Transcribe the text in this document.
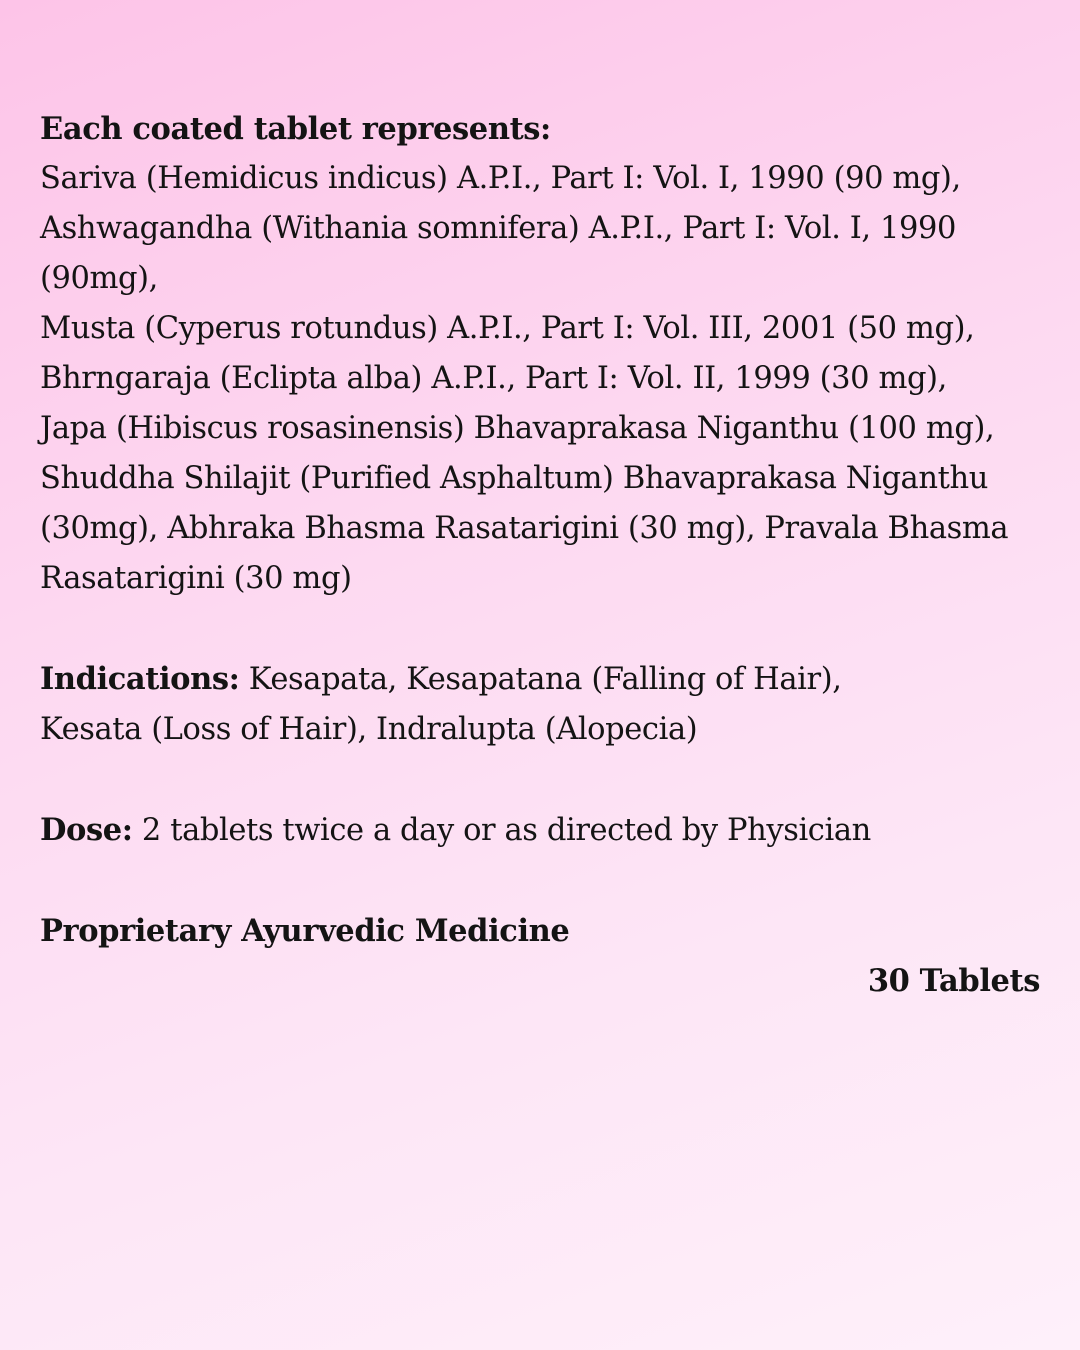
Each coated tablet represents:
Sariva (Hemidicus indicus) A.P.I., Part I: Vol. I, 1990 (90 mg),
Ashwagandha (Withania somnifera) A.P.I., Part I: Vol. I, 1990
(90mg),
Musta (Cyperus rotundus) A.P.I., Part I: Vol. III, 2001 (50 mg),
Bhrngaraja (Eclipta alba) A.P.I., Part I: Vol. II, 1999 (30 mg),
Japa (Hibiscus rosasinensis) Bhavaprakasa Niganthu (100 mg),
Shuddha Shilajit (Purified Asphaltum) Bhavaprakasa Niganthu
(30mg), Abhraka Bhasma Rasatarigini (30 mg), Pravala Bhasma
Rasatarigini (30 mg)
Indications: Kesapata, Kesapatana (Falling of Hair),
Kesata (Loss of Hair), Indralupta (Alopecia)
Dose: 2 tablets twice a day or as directed by Physician
Proprietary Ayurvedic Medicine
30 Tablets
